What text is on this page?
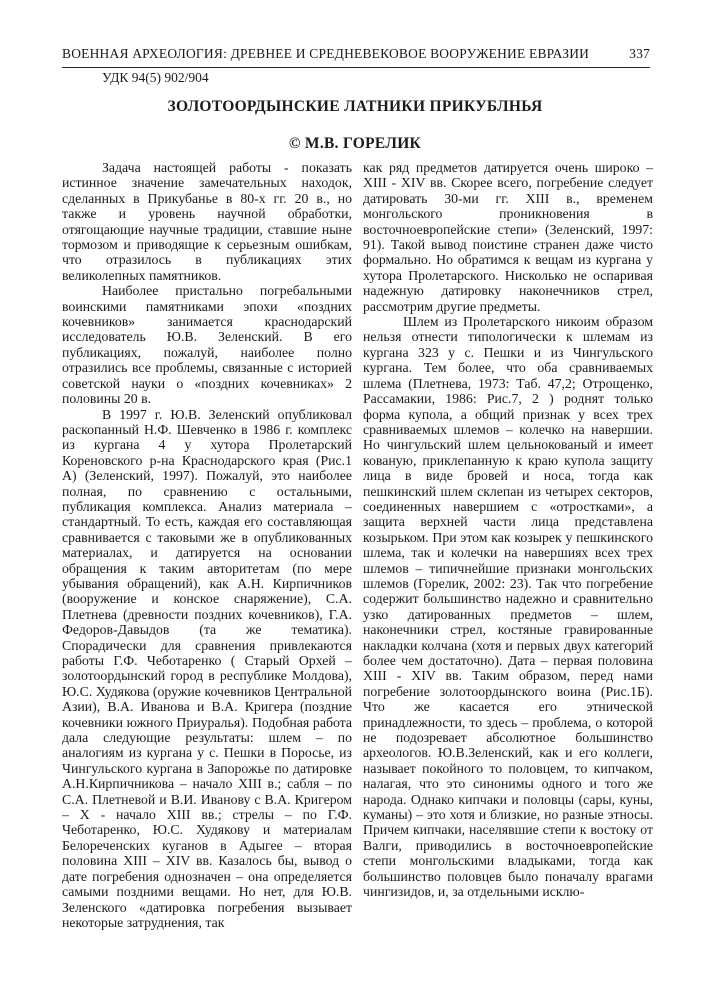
ВОЕННАЯ АРХЕОЛОГИЯ: ДРЕВНЕЕ И СРЕДНЕВЕКОВОЕ ВООРУЖЕНИЕ ЕВРАЗИИ	337
УДК 94(5) 902/904
ЗОЛОТООРДЫНСКИЕ ЛАТНИКИ ПРИКУБЛНЬЯ
© М.В. ГОРЕЛИК

Задача настоящей работы - показать истинное значение замечательных находок, сделанных в Прикубанье в 80-х гг. 20 в., но также и уровень научной обработки, отягощающие научные традиции, ставшие ныне тормозом и приводящие к серьезным ошибкам, что отразилось в публикациях этих великолепных памятников.

Наиболее пристально погребальными воинскими памятниками эпохи «поздних кочевников» занимается краснодарский исследователь Ю.В. Зеленский. В его публикациях, пожалуй, наиболее полно отразились все проблемы, связанные с историей советской науки о «поздних кочевниках» 2 половины 20 в.

В 1997 г. Ю.В. Зеленский опубликовал раскопанный Н.Ф. Шевченко в 1986 г. комплекс из кургана 4 у хутора Пролетарский Кореновского р-на Краснодарского края (Рис.1 А) (Зеленский, 1997). Пожалуй, это наиболее полная, по сравнению с остальными, публикация комплекса. Анализ материала – стандартный. То есть, каждая его составляющая сравнивается с таковыми же в опубликованных материалах, и датируется на основании обращения к таким авторитетам (по мере убывания обращений), как А.Н. Кирпичников (вооружение и конское снаряжение), С.А. Плетнева (древности поздних кочевников), Г.А. Федоров-Давыдов (та же тематика). Спорадически для сравнения привлекаются работы Г.Ф. Чеботаренко ( Старый Орхей – золотоордынский город в республике Молдова), Ю.С. Худякова (оружие кочевников Центральной Азии), В.А. Иванова и В.А. Кригера (поздние кочевники южного Приуралья). Подобная работа дала следующие результаты: шлем – по аналогиям из кургана у с. Пешки в Поросье, из Чингульского кургана в Запорожье по датировке А.Н.Кирпичникова – начало XIII в.; сабля – по С.А. Плетневой и В.И. Иванову с В.А. Кригером – Х - начало XIII вв.; стрелы – по Г.Ф. Чеботаренко, Ю.С. Худякову и материалам Белореченских куганов в Адыгее – вторая половина XIII – XIV вв. Казалось бы, вывод о дате погребения однозначен – она определяется самыми поздними вещами. Но нет, для Ю.В. Зеленского «датировка погребения вызывает некоторые затруднения, так

как ряд предметов датируется очень широко – XIII - XIV вв. Скорее всего, погребение следует датировать 30-ми гг. XIII в., временем монгольского проникновения в восточноевропейские степи» (Зеленский, 1997: 91). Такой вывод поистине странен даже чисто формально. Но обратимся к вещам из кургана у хутора Пролетарского. Нисколько не оспаривая надежную датировку наконечников стрел, рассмотрим другие предметы.

Шлем из Пролетарского никоим образом нельзя отнести типологически к шлемам из кургана 323 у с. Пешки и из Чингульского кургана. Тем более, что оба сравниваемых шлема (Плетнева, 1973: Таб. 47,2; Отрощенко, Рассамакии, 1986: Рис.7, 2 ) роднят только форма купола, а общий признак у всех трех сравниваемых шлемов – колечко на навершии. Но чингульский шлем цельнокованый и имеет кованую, приклепанную к краю купола защиту лица в виде бровей и носа, тогда как пешкинский шлем склепан из четырех секторов, соединенных навершием с «отростками», а защита верхней части лица представлена козырьком. При этом как козырек у пешкинского шлема, так и колечки на навершиях всех трех шлемов – типичнейшие признаки монгольских шлемов (Горелик, 2002: 23). Так что погребение содержит большинство надежно и сравнительно узко датированных предметов – шлем, наконечники стрел, костяные гравированные накладки колчана (хотя и первых двух категорий более чем достаточно). Дата – первая половина XIII - XIV вв. Таким образом, перед нами погребение золотоордынского воина (Рис.1Б). Что же касается его этнической принадлежности, то здесь – проблема, о которой не подозревает абсолютное большинство археологов. Ю.В.Зеленский, как и его коллеги, называет покойного то половцем, то кипчаком, налагая, что это синонимы одного и того же народа. Однако кипчаки и половцы (сары, куны, куманы) – это хотя и близкие, но разные этносы. Причем кипчаки, населявшие степи к востоку от Валги, приводились в восточноевропейские степи монгольскими владыками, тогда как большинство половцев было поначалу врагами чингизидов, и, за отдельными исклю-
